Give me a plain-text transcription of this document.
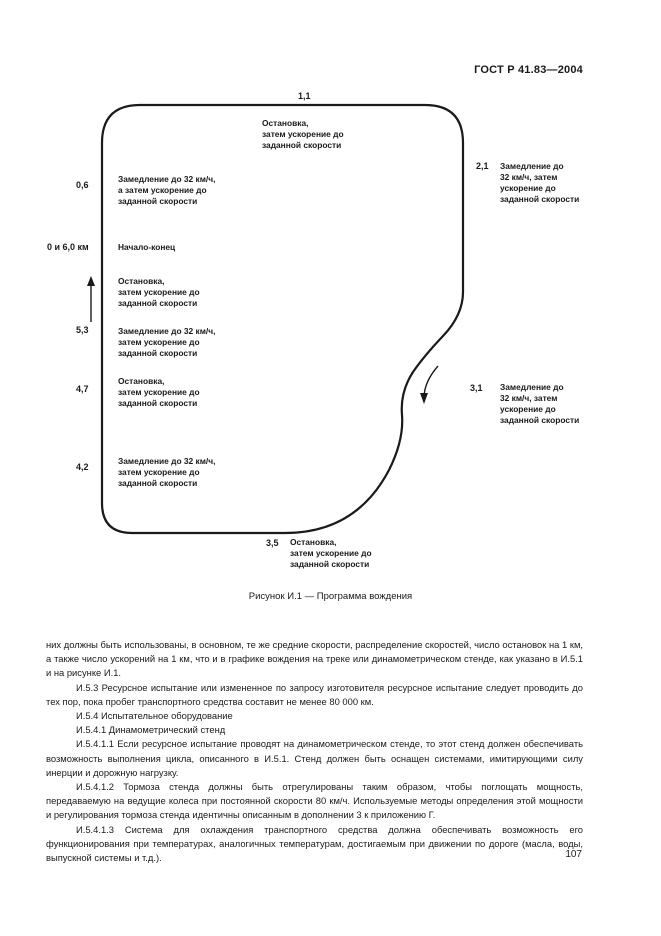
ГОСТ Р 41.83—2004
1,1
Остановка,
затем ускорение до
заданной скорости
2,1 Замедление до
32 км/ч, затем
ускорение до
заданной скорости
3,1 Замедление до
32 км/ч, затем
ускорение до
заданной скорости
3,5 Остановка,
затем ускорение до
заданной скорости
0,6
Замедление до 32 км/ч,
а затем ускорение до
заданной скорости
0 и 6,0 км	Начало-конец
Остановка,
затем ускорение до
заданной скорости
5,3	Замедление до 32 км/ч,
затем ускорение до
заданной скорости
4,7
Остановка,
затем ускорение до
заданной скорости
4,2
Замедление до 32 км/ч,
затем ускорение до
заданной скорости
Рисунок И.1 — Программа вождения

них должны быть использованы, в основном, те же средние скорости, распределение скоростей, число остановок на 1 км, а также число ускорений на 1 км, что и в графике вождения на треке или динамометрическом стенде, как указано в И.5.1 и на рисунке И.1.

И.5.3 Ресурсное испытание или измененное по запросу изготовителя ресурсное испытание следует проводить до тех пор, пока пробег транспортного средства составит не менее 80 000 км.

И.5.4 Испытательное оборудование

И.5.4.1 Динамометрический стенд

И.5.4.1.1 Если ресурсное испытание проводят на динамометрическом стенде, то этот стенд должен обеспечивать возможность выполнения цикла, описанного в И.5.1. Стенд должен быть оснащен системами, имитирующими силу инерции и дорожную нагрузку.

И.5.4.1.2 Тормоза стенда должны быть отрегулированы таким образом, чтобы поглощать мощность, передаваемую на ведущие колеса при постоянной скорости 80 км/ч. Используемые методы определения этой мощности и регулирования тормоза стенда идентичны описанным в дополнении 3 к приложению Г.

И.5.4.1.3 Система для охлаждения транспортного средства должна обеспечивать возможность его функционирования при температурах, аналогичных температурам, достигаемым при движении по дороге (масла, воды, выпускной системы и т.д.).	107
